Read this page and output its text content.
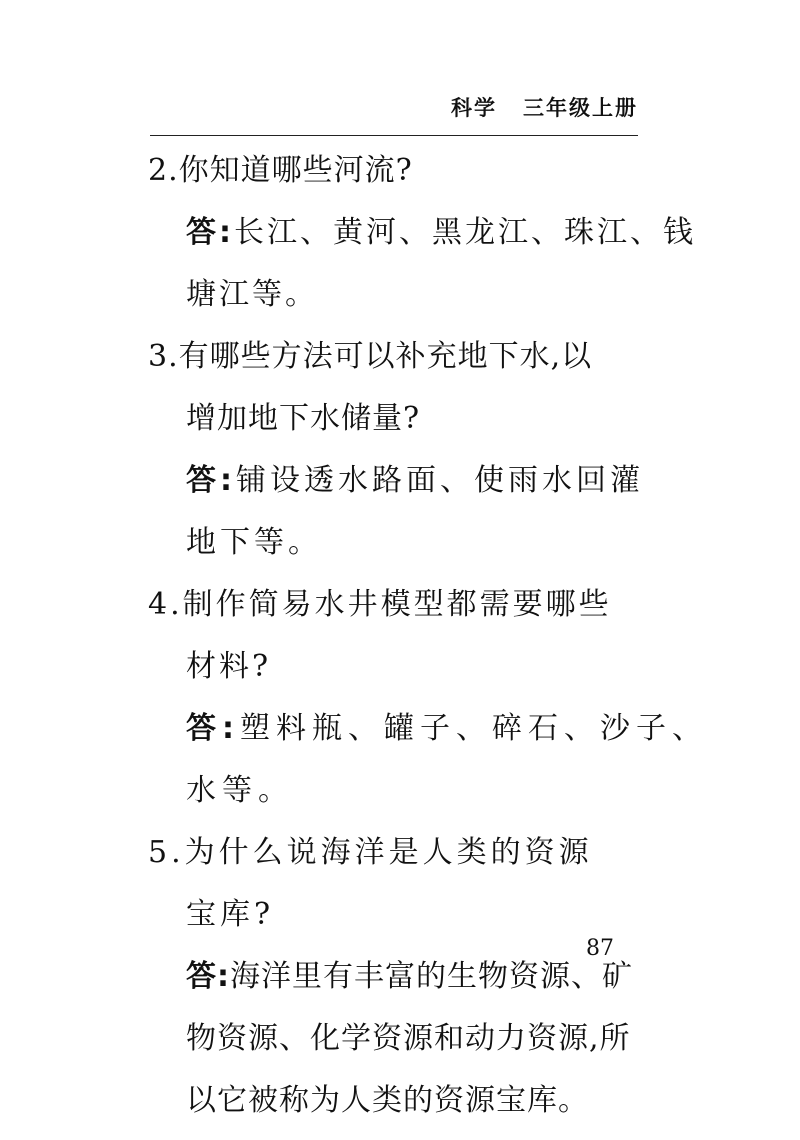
科学 三年级上册
2.你知道哪些河流?
答:长江、黄河、黑龙江、珠江、钱
塘江等。
3.有哪些方法可以补充地下水,以
增加地下水储量?
答:铺设透水路面、使雨水回灌
地下等。
4.制作简易水井模型都需要哪些
材料?
答:塑料瓶、罐子、碎石、沙子、
水等。
5.为什么说海洋是人类的资源
宝库?
答:海洋里有丰富的生物资源、矿
物资源、化学资源和动力资源,所
以它被称为人类的资源宝库。
87
